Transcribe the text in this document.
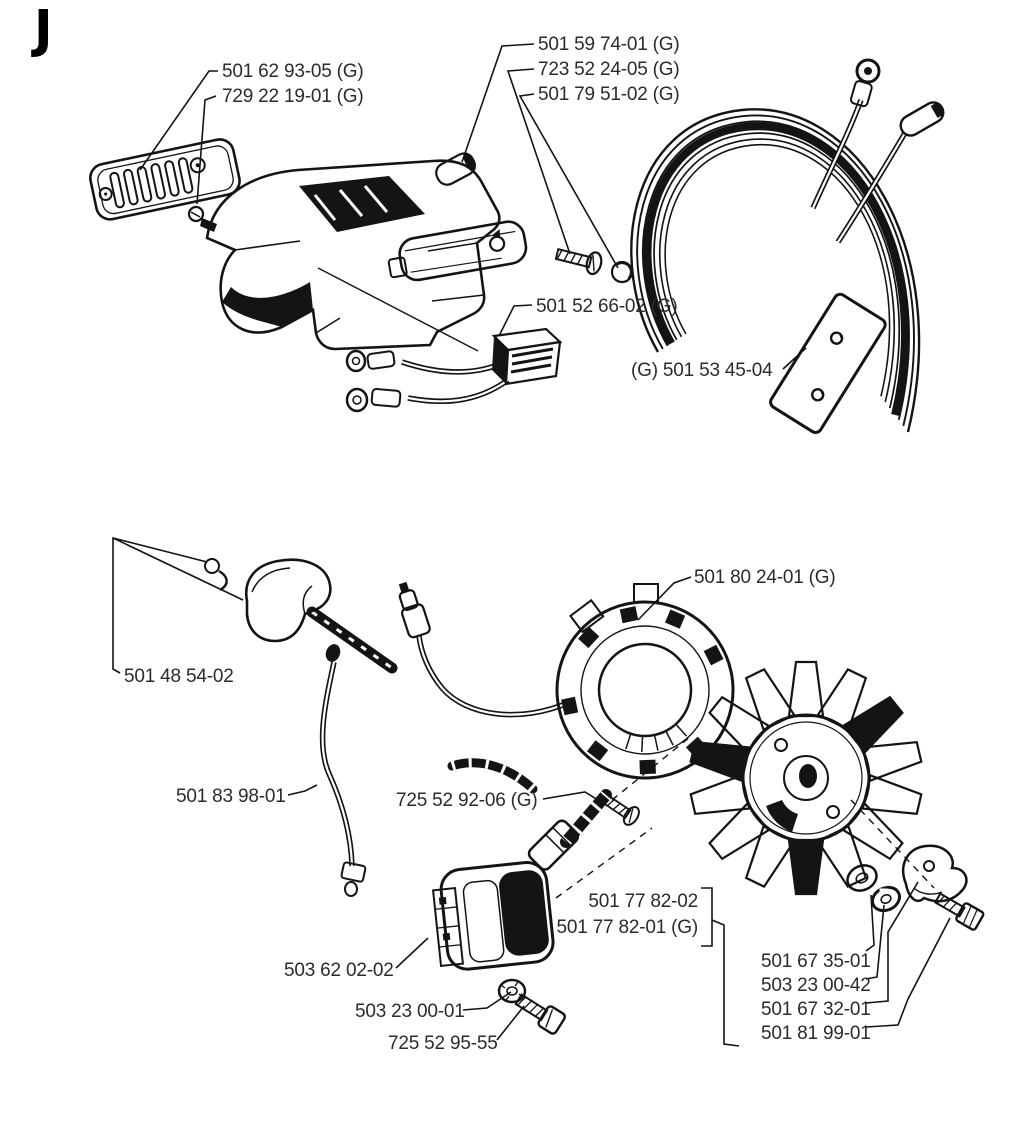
J
501 62 93-05 (G)
729 22 19-01 (G)
501 59 74-01 (G)
723 52 24-05 (G)
501 79 51-02 (G)
501 52 66-02 (G)
(G) 501 53 45-04
501 80 24-01 (G)
501 48 54-02
501 83 98-01	725 52 92-06 (G)
503 62 02-02
503 23 00-01
725 52 95-55
501 77 82-02
501 77 82-01 (G)
501 67 35-01
503 23 00-42
501 67 32-01
501 81 99-01
